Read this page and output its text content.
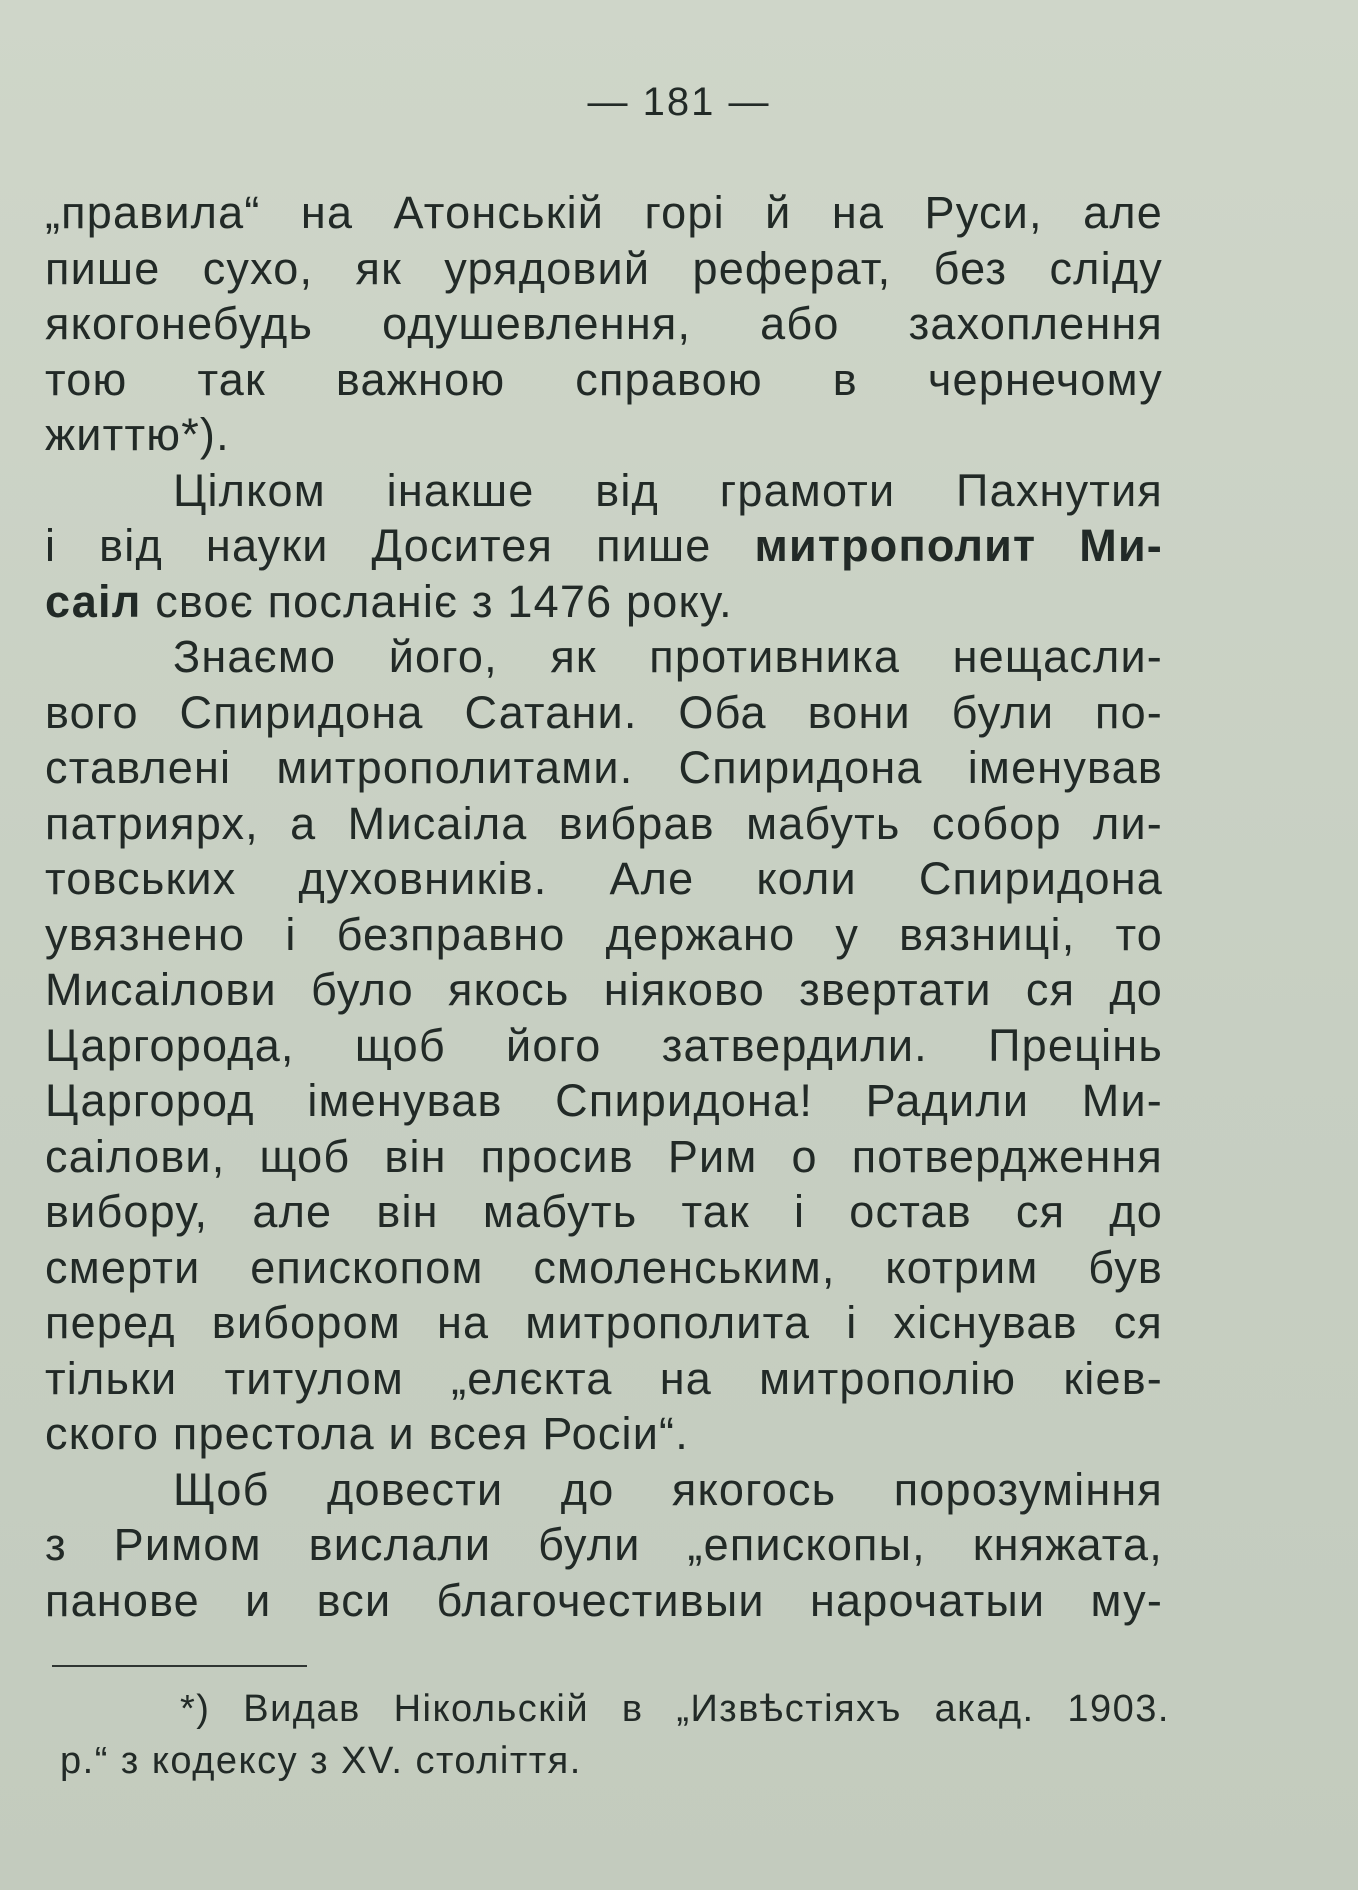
— 181 —
„правила“ на Атонській горі й на Руси, але
пише сухо, як урядовий реферат, без сліду
якогонебудь одушевлення, або захоплення
тою так важною справою в чернечому
життю*).
Цілком інакше від грамоти Пахнутия
і від науки Доситея пише митрополит Ми-
саіл своє посланіє з 1476 року.
Знаємо його, як противника нещасли-
вого Спиридона Сатани. Оба вони були по-
ставлені митрополитами. Спиридона іменував
патриярх, а Мисаіла вибрав мабуть собор ли-
товських духовників. Але коли Спиридона
увязнено і безправно держано у вязниці, то
Мисаілови було якось ніяково звертати ся до
Царгорода, щоб його затвердили. Прецінь
Царгород іменував Спиридона! Радили Ми-
саілови, щоб він просив Рим о потвердження
вибору, але він мабуть так і остав ся до
смерти епископом смоленським, котрим був
перед вибором на митрополита і хіснував ся
тільки титулом „елєкта на митрополію кіев-
ского престола и всея Росіи“.
Щоб довести до якогось порозуміння
з Римом вислали були „епископы, княжата,
панове и вси благочестивыи нарочатыи му-
*) Видав Нікольскій в „Извѣстіяхъ акад. 1903.
р.“ з кодексу з XV. століття.
